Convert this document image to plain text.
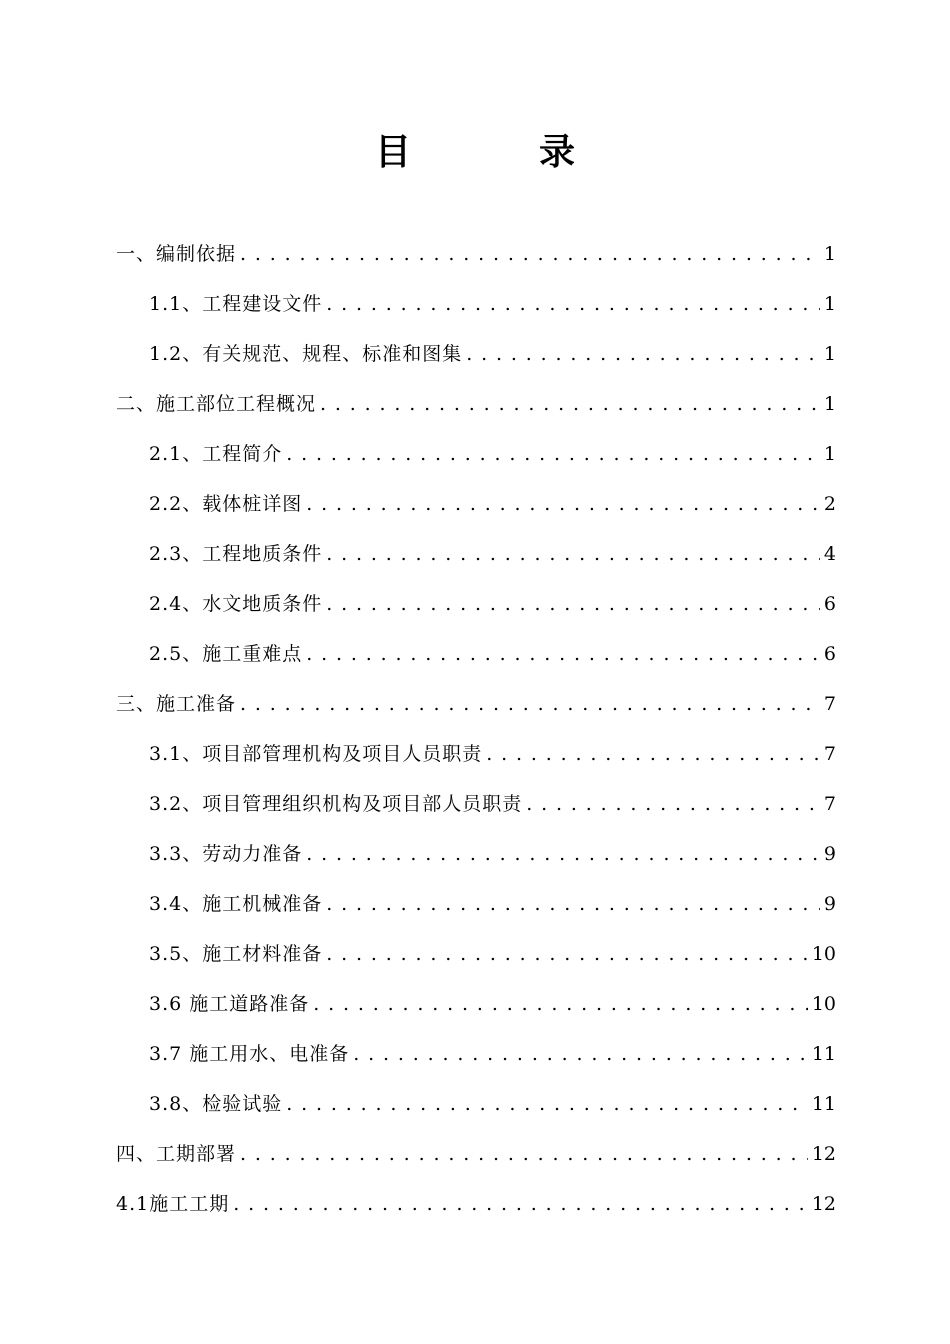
目　录
一、编制依据 . . .	1
1.1、工程建设文件 . . .	1
1.2、有关规范、规程、标准和图集 . . .	1
二、施工部位工程概况 . . .	1
2.1、工程简介 . . .	1
2.2、载体桩详图 . . .	2
2.3、工程地质条件 . . .	4
2.4、水文地质条件 . . .	6
2.5、施工重难点 . . .	6
三、施工准备 . . .	7
3.1、项目部管理机构及项目人员职责 . . .	7
3.2、项目管理组织机构及项目部人员职责 . . .	7
3.3、劳动力准备 . . .	9
3.4、施工机械准备 . . .	9
3.5、施工材料准备 . . .	10
3.6 施工道路准备 . . .	10
3.7 施工用水、电准备 . . .	11
3.8、检验试验 . . .	11
四、工期部署 . . .	12
4.1施工工期 . . .	12
